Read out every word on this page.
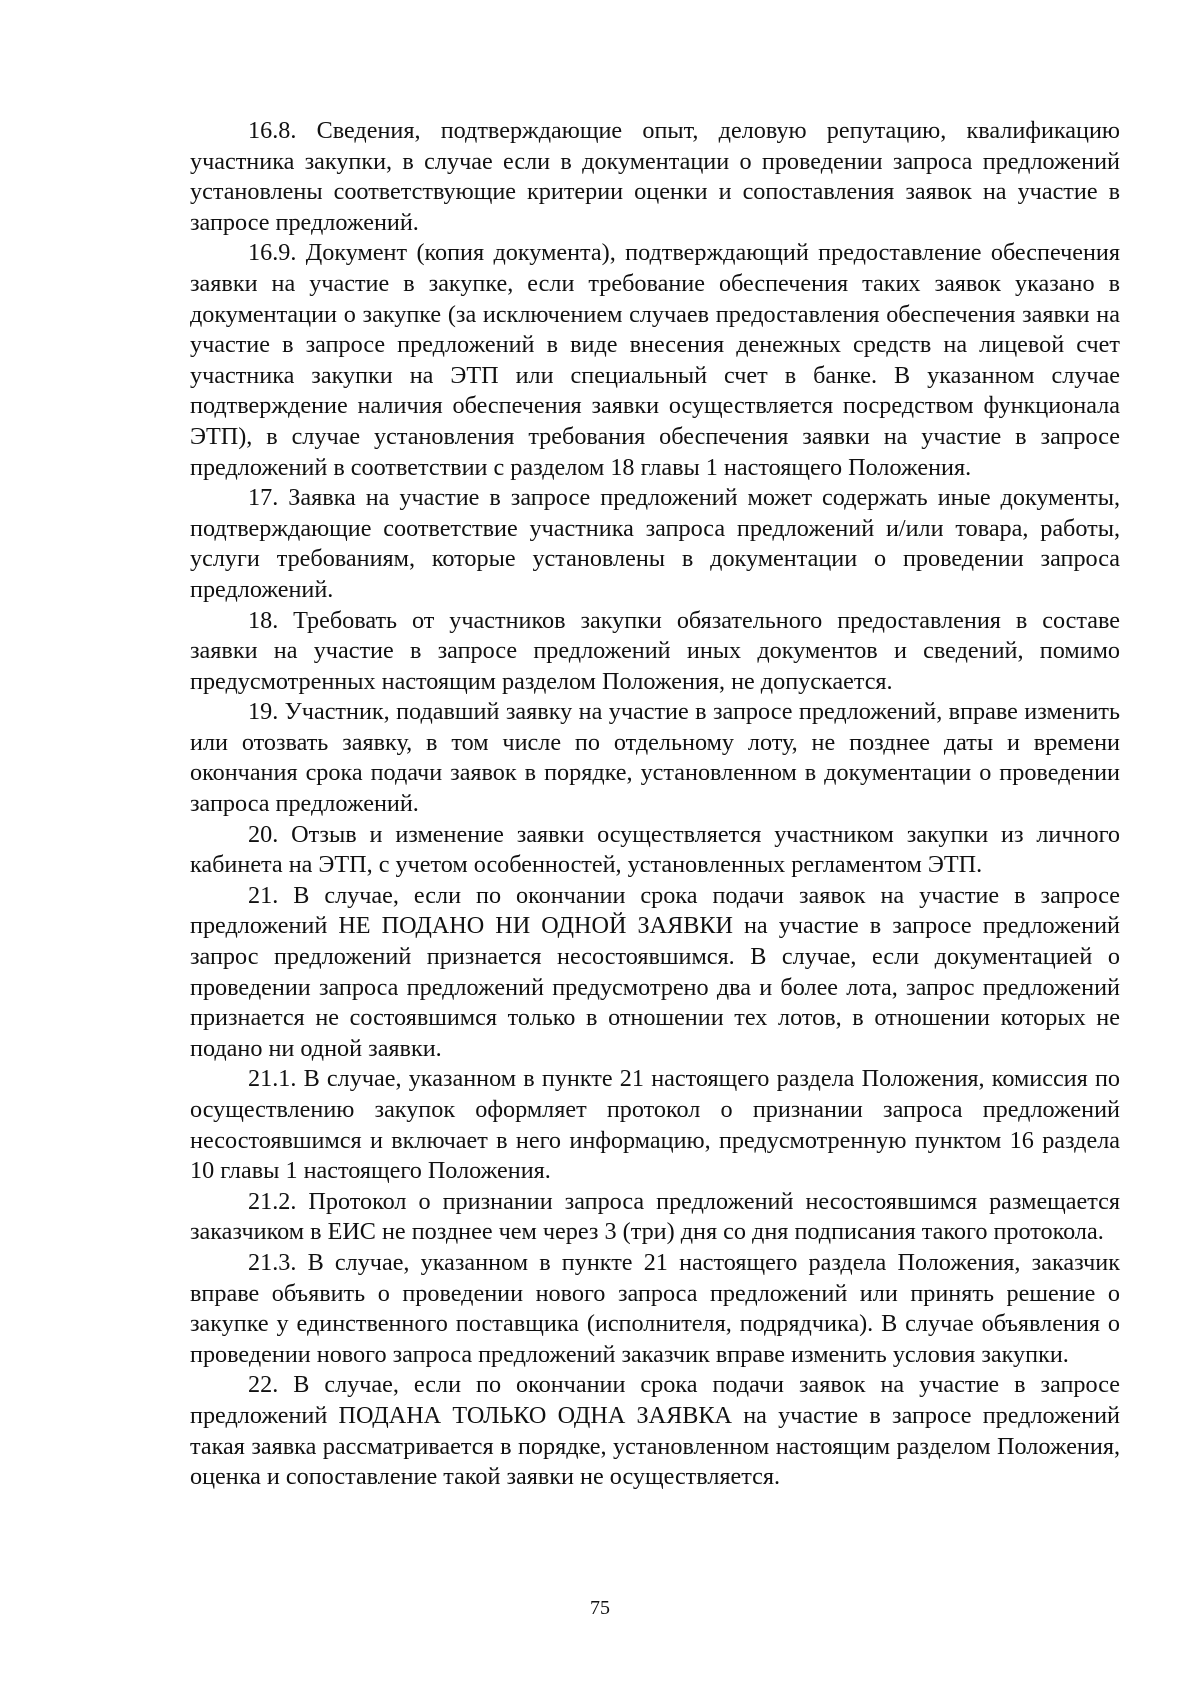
16.8. Сведения, подтверждающие опыт, деловую репутацию, квалификацию участника закупки, в случае если в документации о проведении запроса предложений установлены соответствующие критерии оценки и сопоставления заявок на участие в запросе предложений.

16.9. Документ (копия документа), подтверждающий предоставление обеспечения заявки на участие в закупке, если требование обеспечения таких заявок указано в документации о закупке (за исключением случаев предоставления обеспечения заявки на участие в запросе предложений в виде внесения денежных средств на лицевой счет участника закупки на ЭТП или специальный счет в банке. В указанном случае подтверждение наличия обеспечения заявки осуществляется посредством функционала ЭТП), в случае установления требования обеспечения заявки на участие в запросе предложений в соответствии с разделом 18 главы 1 настоящего Положения.

17. Заявка на участие в запросе предложений может содержать иные документы, подтверждающие соответствие участника запроса предложений и/или товара, работы, услуги требованиям, которые установлены в документации о проведении запроса предложений.

18. Требовать от участников закупки обязательного предоставления в составе заявки на участие в запросе предложений иных документов и сведений, помимо предусмотренных настоящим разделом Положения, не допускается.

19. Участник, подавший заявку на участие в запросе предложений, вправе изменить или отозвать заявку, в том числе по отдельному лоту, не позднее даты и времени окончания срока подачи заявок в порядке, установленном в документации о проведении запроса предложений.

20. Отзыв и изменение заявки осуществляется участником закупки из личного кабинета на ЭТП, с учетом особенностей, установленных регламентом ЭТП.

21. В случае, если по окончании срока подачи заявок на участие в запросе предложений НЕ ПОДАНО НИ ОДНОЙ ЗАЯВКИ на участие в запросе предложений запрос предложений признается несостоявшимся. В случае, если документацией о проведении запроса предложений предусмотрено два и более лота, запрос предложений признается не состоявшимся только в отношении тех лотов, в отношении которых не подано ни одной заявки.

21.1. В случае, указанном в пункте 21 настоящего раздела Положения, комиссия по осуществлению закупок оформляет протокол о признании запроса предложений несостоявшимся и включает в него информацию, предусмотренную пунктом 16 раздела 10 главы 1 настоящего Положения.

21.2. Протокол о признании запроса предложений несостоявшимся размещается заказчиком в ЕИС не позднее чем через 3 (три) дня со дня подписания такого протокола.

21.3. В случае, указанном в пункте 21 настоящего раздела Положения, заказчик вправе объявить о проведении нового запроса предложений или принять решение о закупке у единственного поставщика (исполнителя, подрядчика). В случае объявления о проведении нового запроса предложений заказчик вправе изменить условия закупки.

22. В случае, если по окончании срока подачи заявок на участие в запросе предложений ПОДАНА ТОЛЬКО ОДНА ЗАЯВКА на участие в запросе предложений такая заявка рассматривается в порядке, установленном настоящим разделом Положения, оценка и сопоставление такой заявки не осуществляется.

75
